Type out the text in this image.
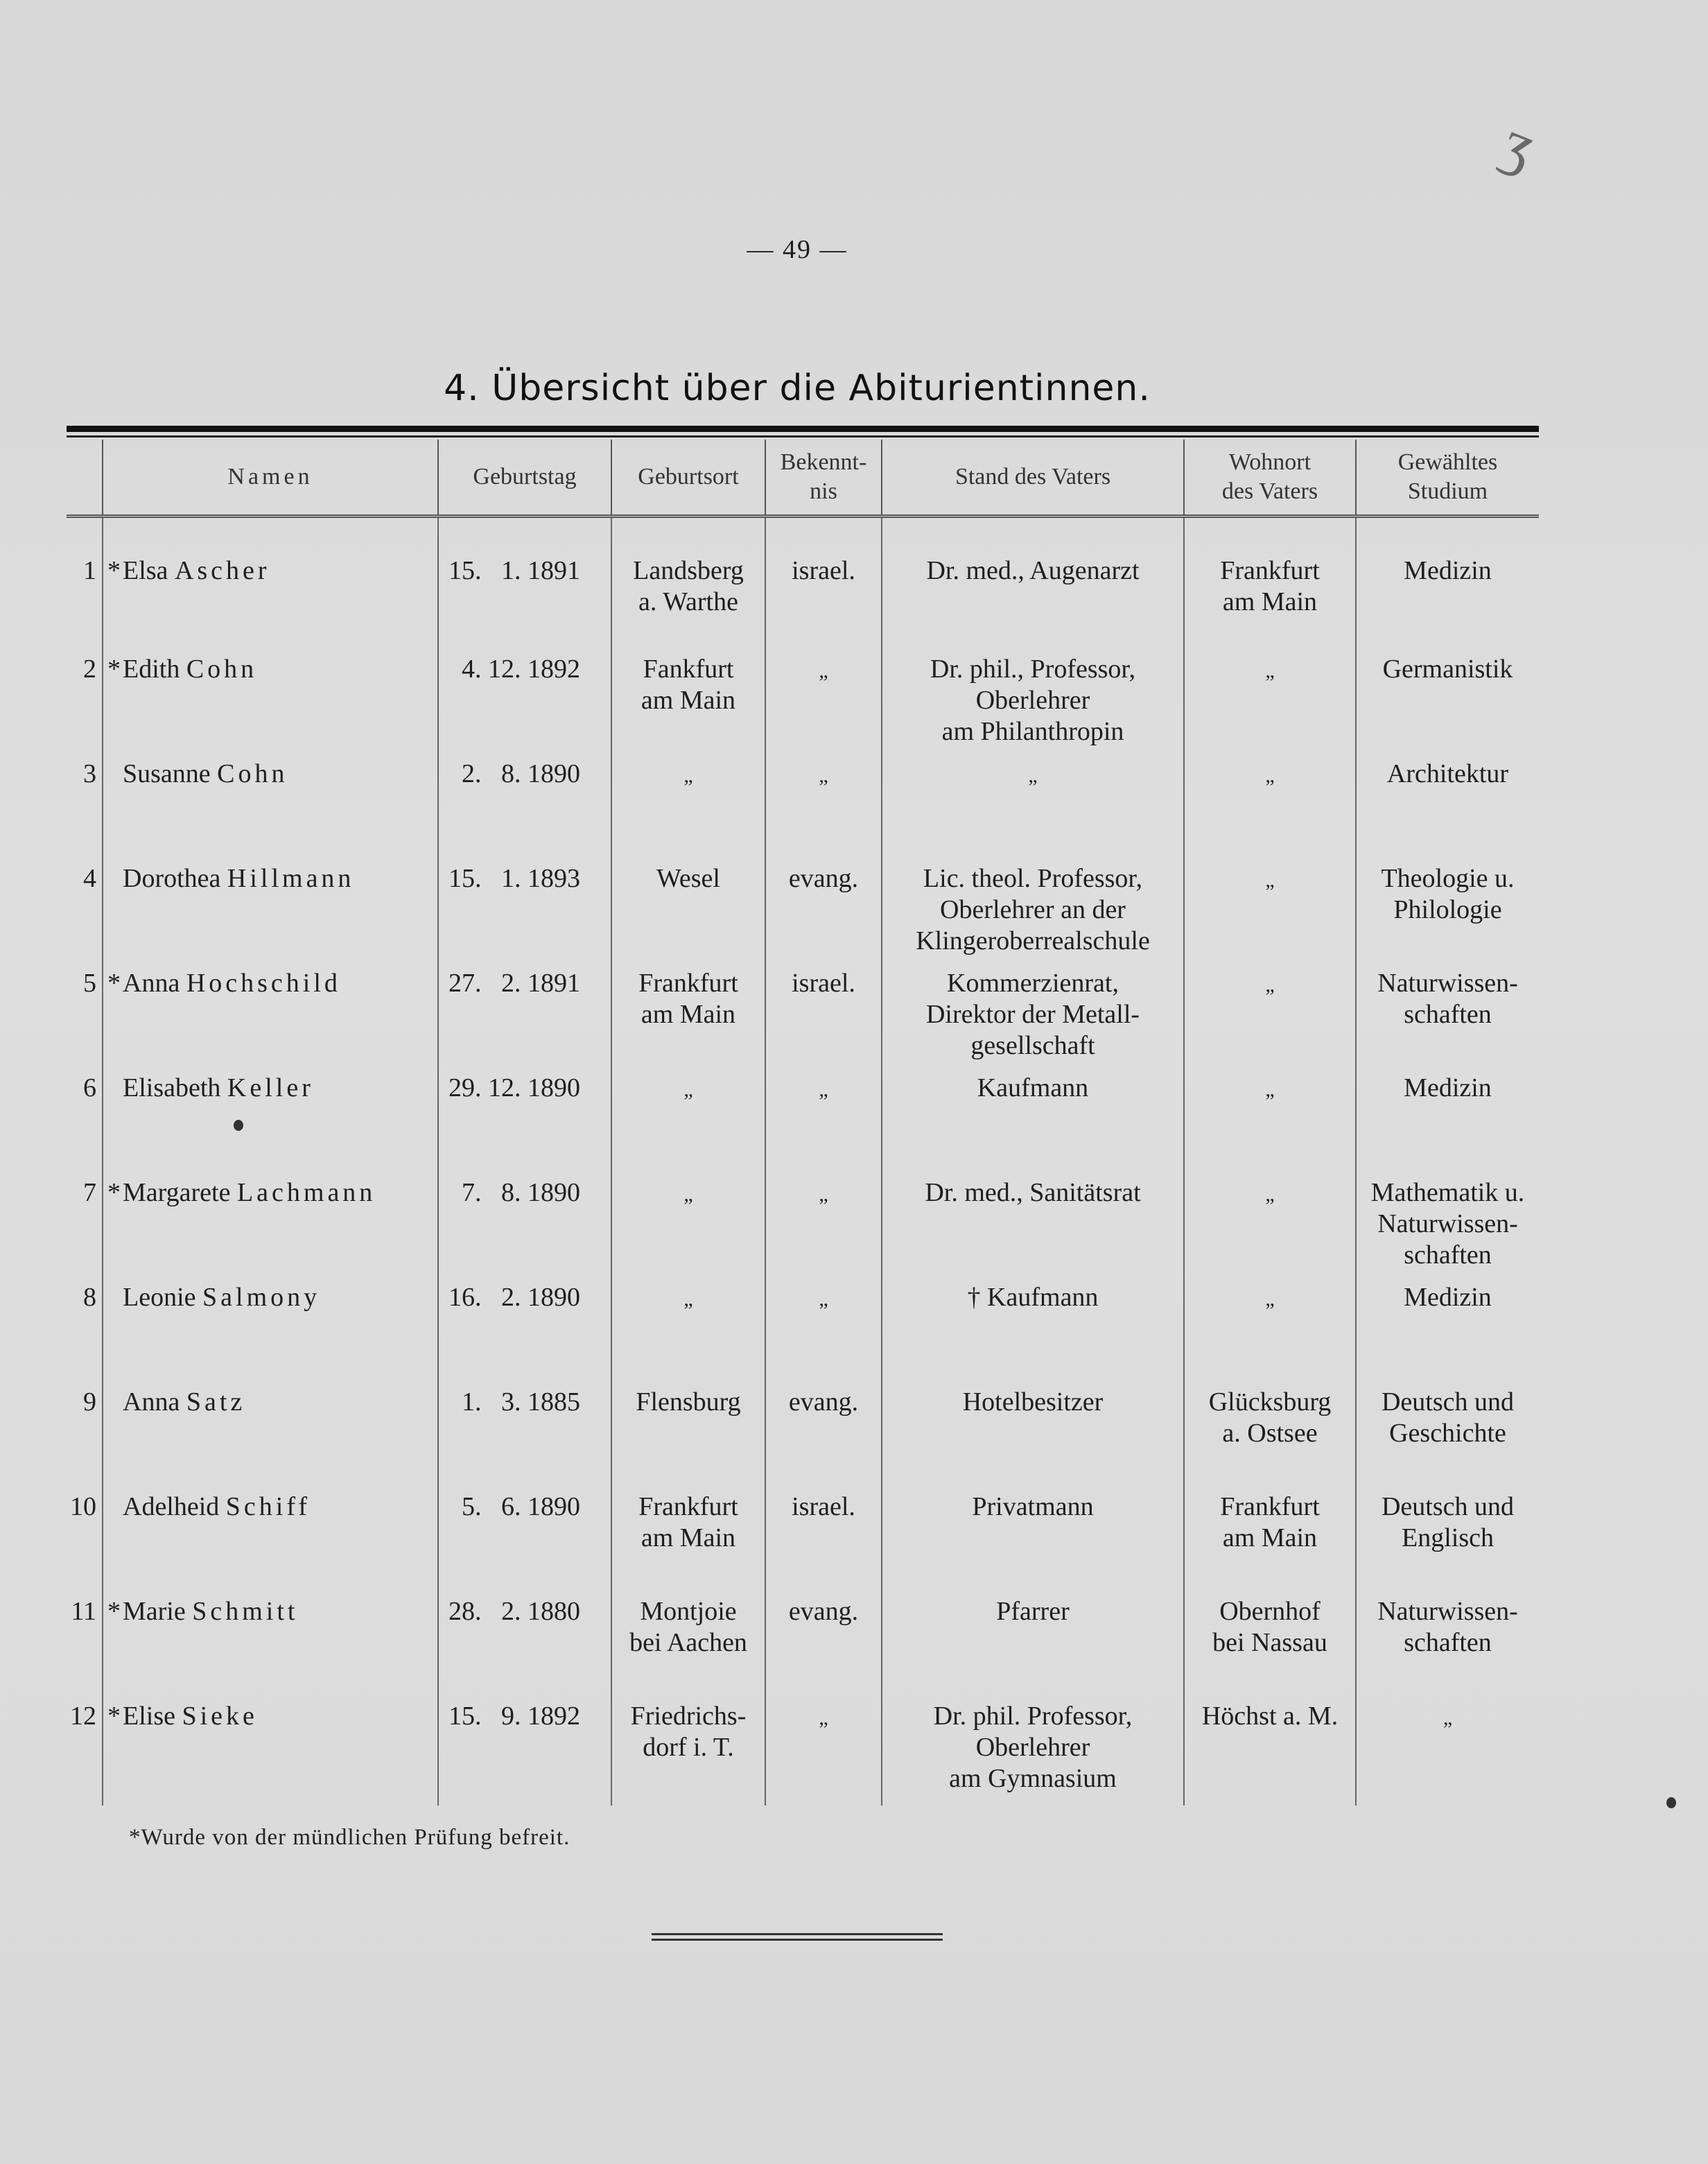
ʒ
— 49 —
4. Übersicht über die Abiturientinnen.
	Namen	Geburtstag	Geburtsort	Bekennt-
nis	Stand des Vaters	Wohnort
des Vaters	Gewähltes
Studium
1	*Elsa Ascher	15.   1. 1891	Landsberg
a. Warthe	israel.	Dr. med., Augenarzt	Frankfurt
am Main	Medizin
2	*Edith Cohn	4. 12. 1892	Fankfurt
am Main	„	Dr. phil., Professor,
Oberlehrer
am Philanthropin	„	Germanistik
3	Susanne Cohn	2.   8. 1890	„	„	„	„	Architektur
4	Dorothea Hillmann	15.   1. 1893	Wesel	evang.	Lic. theol. Professor,
Oberlehrer an der
Klingeroberrealschule	„	Theologie u.
Philologie
5	*Anna Hochschild	27.   2. 1891	Frankfurt
am Main	israel.	Kommerzienrat,
Direktor der Metall-
gesellschaft	„	Naturwissen-
schaften
6	Elisabeth Keller	29. 12. 1890	„	„	Kaufmann	„	Medizin
7	*Margarete Lachmann	7.   8. 1890	„	„	Dr. med., Sanitätsrat	„	Mathematik u.
Naturwissen-
schaften
8	Leonie Salmony	16.   2. 1890	„	„	† Kaufmann	„	Medizin
9	Anna Satz	1.   3. 1885	Flensburg	evang.	Hotelbesitzer	Glücksburg
a. Ostsee	Deutsch und
Geschichte
10	Adelheid Schiff	5.   6. 1890	Frankfurt
am Main	israel.	Privatmann	Frankfurt
am Main	Deutsch und
Englisch
11	*Marie Schmitt	28.   2. 1880	Montjoie
bei Aachen	evang.	Pfarrer	Obernhof
bei Nassau	Naturwissen-
schaften
12	*Elise Sieke	15.   9. 1892	Friedrichs-
dorf i. T.	„	Dr. phil. Professor,
Oberlehrer
am Gymnasium	Höchst a. M.	„
*Wurde von der mündlichen Prüfung befreit.
